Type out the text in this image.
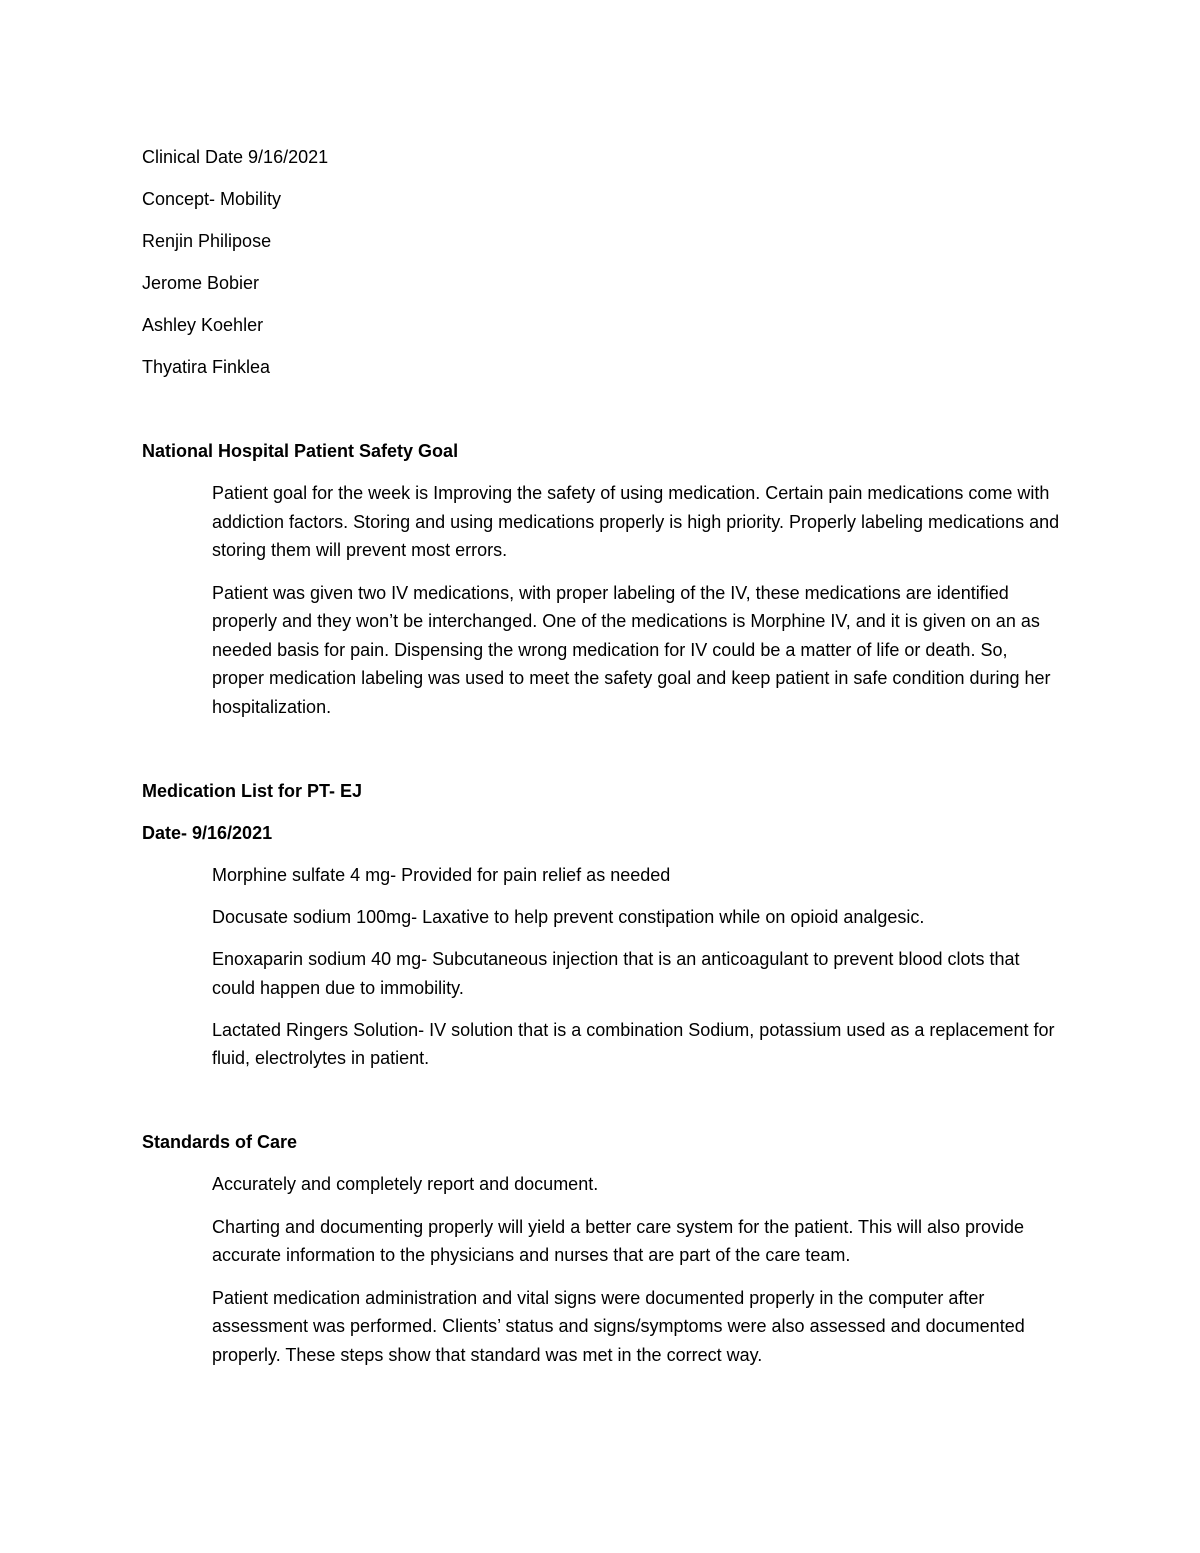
Clinical Date 9/16/2021

Concept- Mobility

Renjin Philipose

Jerome Bobier

Ashley Koehler

Thyatira Finklea

National Hospital Patient Safety Goal

Patient goal for the week is Improving the safety of using medication. Certain pain medications come with addiction factors. Storing and using medications properly is high priority. Properly labeling medications and storing them will prevent most errors.

Patient was given two IV medications, with proper labeling of the IV, these medications are identified properly and they won’t be interchanged. One of the medications is Morphine IV, and it is given on an as needed basis for pain. Dispensing the wrong medication for IV could be a matter of life or death. So, proper medication labeling was used to meet the safety goal and keep patient in safe condition during her hospitalization.

Medication List for PT- EJ

Date- 9/16/2021

Morphine sulfate 4 mg- Provided for pain relief as needed

Docusate sodium 100mg- Laxative to help prevent constipation while on opioid analgesic.

Enoxaparin sodium 40 mg- Subcutaneous injection that is an anticoagulant to prevent blood clots that could happen due to immobility.

Lactated Ringers Solution- IV solution that is a combination Sodium, potassium used as a replacement for fluid, electrolytes in patient.

Standards of Care

Accurately and completely report and document.

Charting and documenting properly will yield a better care system for the patient. This will also provide accurate information to the physicians and nurses that are part of the care team.

Patient medication administration and vital signs were documented properly in the computer after assessment was performed. Clients’ status and signs/symptoms were also assessed and documented properly. These steps show that standard was met in the correct way.
